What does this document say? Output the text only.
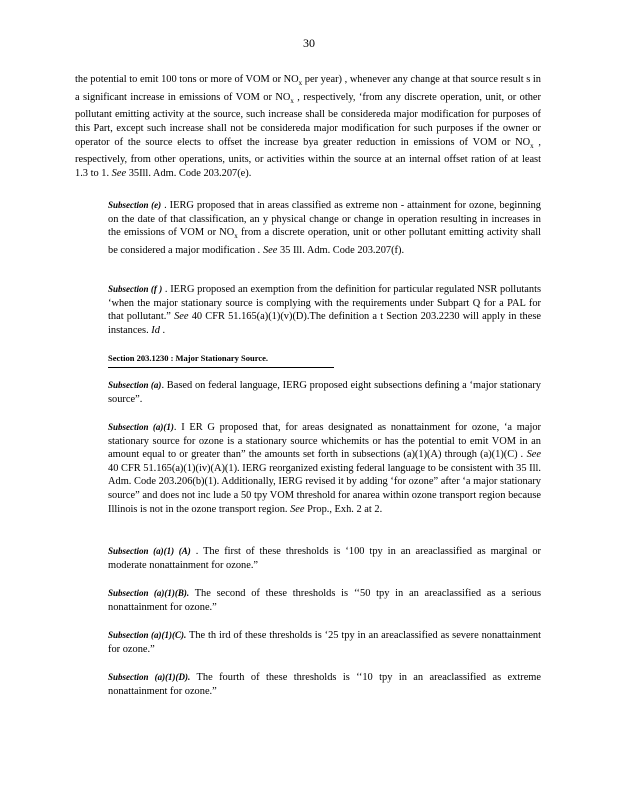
30

the potential to emit 100 tons or more of VOM or $NO_x$ per year) , whenever any change at that source result s in a significant increase in emissions of VOM or $NO_x$ , respectively, ‘from any discrete operation, unit, or other pollutant emitting activity at the source, such increase shall be considereda major modification for purposes of this Part, except such increase shall not be considereda major modification for such purposes if the owner or operator of the source elects to offset the increase bya greater reduction in emissions of VOM or $NO_x$ , respectively, from other operations, units, or activities within the source at an internal offset ration of at least 1.3 to 1. See 35Ill. Adm. Code 203.207(e).

Subsection (e) . IERG proposed that in areas classified as extreme non - attainment for ozone, beginning on the date of that classification, an y physical change or change in operation resulting in increases in the emissions of VOM or $NO_x$ from a discrete operation, unit or other pollutant emitting activity shall be considered a major modification . See 35 Ill. Adm. Code 203.207(f).

Subsection (f ) . IERG proposed an exemption from the definition for particular regulated NSR pollutants ‘when the major stationary source is complying with the requirements under Subpart Q for a PAL for that pollutant.” See 40 CFR 51.165(a)(1)(v)(D).The definition a t Section 203.2230 will apply in these instances. Id .

Section 203.1230 : Major Stationary Source.

Subsection (a). Based on federal language, IERG proposed eight subsections defining a ‘major stationary source”.

Subsection (a)(1). I ER G proposed that, for areas designated as nonattainment for ozone, ‘a major stationary source for ozone is a stationary source whichemits or has the potential to emit VOM in an amount equal to or greater than” the amounts set forth in subsections (a)(1)(A) through (a)(1)(C) . See 40 CFR 51.165(a)(1)(iv)(A)(1). IERG reorganized existing federal language to be consistent with 35 Ill. Adm. Code 203.206(b)(1). Additionally, IERG revised it by adding ‘for ozone” after ‘a major stationary source” and does not inc lude a 50 tpy VOM threshold for anarea within ozone transport region because Illinois is not in the ozone transport region. See Prop., Exh. 2 at 2.

Subsection (a)(1) (A) . The first of these thresholds is ‘100 tpy in an areaclassified as marginal or moderate nonattainment for ozone.”

Subsection (a)(1)(B). The second of these thresholds is ‘‘50 tpy in an areaclassified as a serious nonattainment for ozone.”

Subsection (a)(1)(C). The th ird of these thresholds is ‘25 tpy in an areaclassified as severe nonattainment for ozone.”

Subsection (a)(1)(D). The fourth of these thresholds is ‘‘10 tpy in an areaclassified as extreme nonattainment for ozone.”
